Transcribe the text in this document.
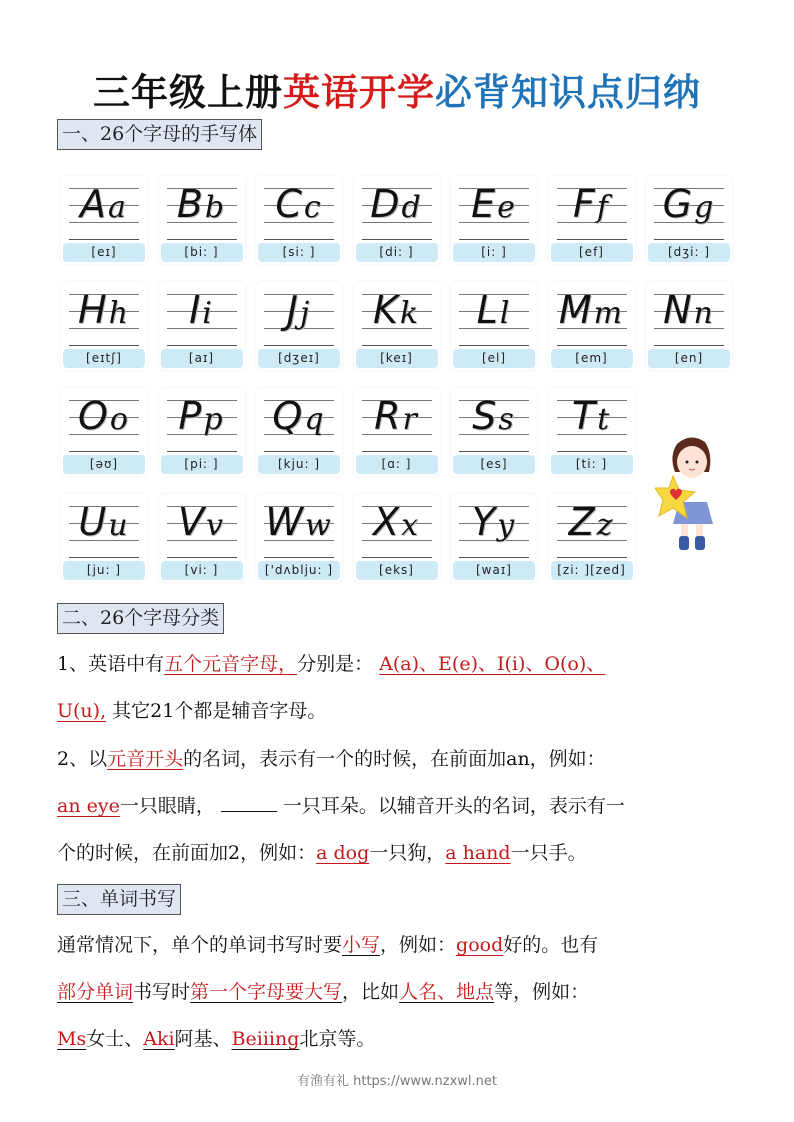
三年级上册英语开学必背知识点归纳
一、26个字母的手写体
Aa
[eɪ]
Bb
[bi: ]
Cc
[si: ]
Dd
[di: ]
Ee
[i: ]
Ff
[ef]
Gg
[dʒi: ]
Hh
[eɪtʃ]
Ii
[aɪ]
Jj
[dʒeɪ]
Kk
[keɪ]
Ll
[el]
Mm
[em]
Nn
[en]
Oo
[əʊ]
Pp
[pi: ]
Qq
[kju: ]
Rr
[ɑ: ]
Ss
[es]
Tt
[ti: ]
Uu
[ju: ]
Vv
[vi: ]
Ww
['dʌblju: ]
Xx
[eks]
Yy
[waɪ]
Zz
[zi: ][zed]
二、26个字母分类
1、英语中有五个元音字母，分别是： A(a)、E(e)、I(i)、O(o)、
U(u), 其它21个都是辅音字母。
2、以元音开头的名词，表示有一个的时候，在前面加an，例如：
an eye一只眼睛，	一只耳朵。以辅音开头的名词，表示有一
个的时候，在前面加2，例如：a dog一只狗，a hand一只手。
三、单词书写
通常情况下，单个的单词书写时要小写，例如：good好的。也有
部分单词书写时第一个字母要大写，比如人名、地点等，例如：
Ms女士、Aki阿基、Beiiing北京等。
有渔有礼 https://www.nzxwl.net
